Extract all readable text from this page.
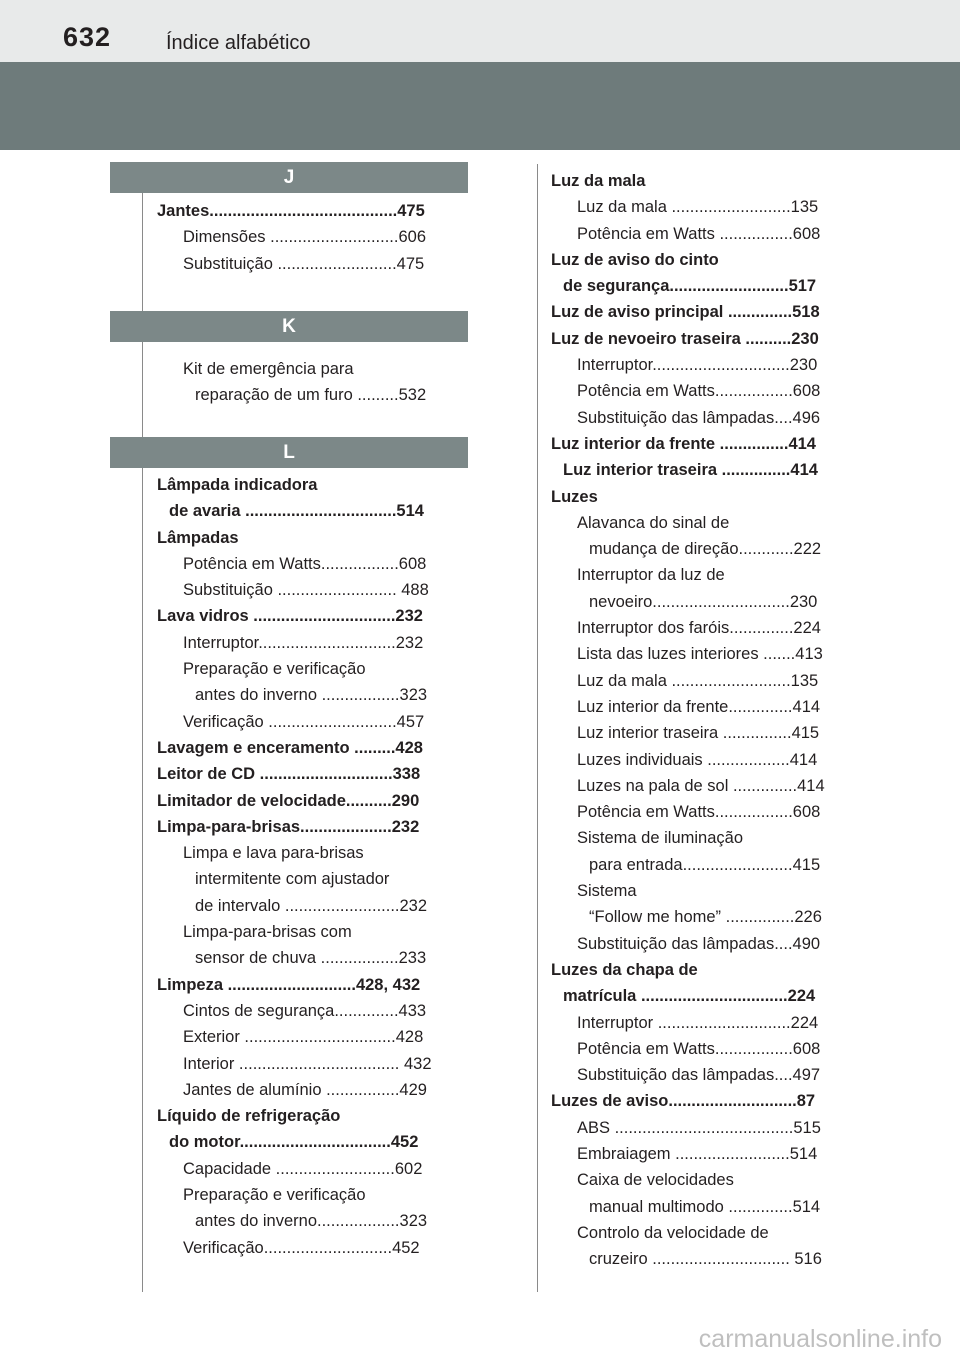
632	Índice alfabético
J
Jantes.........................................475
Dimensões ............................606
Substituição ..........................475
K
Kit de emergência para
reparação de um furo .........532
L
Lâmpada indicadora
de avaria .................................514
Lâmpadas
Potência em Watts.................608
Substituição .......................... 488
Lava vidros ...............................232
Interruptor..............................232
Preparação e verificação
antes do inverno .................323
Verificação ............................457
Lavagem e enceramento .........428
Leitor de CD .............................338
Limitador de velocidade..........290
Limpa-para-brisas....................232
Limpa e lava para-brisas
intermitente com ajustador
de intervalo .........................232
Limpa-para-brisas com
sensor de chuva .................233
Limpeza ............................428, 432
Cintos de segurança..............433
Exterior .................................428
Interior ................................... 432
Jantes de alumínio ................429
Líquido de refrigeração
do motor.................................452
Capacidade ..........................602
Preparação e verificação
antes do inverno..................323
Verificação............................452
Luz da mala
Luz da mala ..........................135
Potência em Watts ................608
Luz de aviso do cinto
de segurança..........................517
Luz de aviso principal ..............518
Luz de nevoeiro traseira ..........230
Interruptor..............................230
Potência em Watts.................608
Substituição das lâmpadas....496
Luz interior da frente ...............414
Luz interior traseira ...............414
Luzes
Alavanca do sinal de
mudança de direção............222
Interruptor da luz de
nevoeiro..............................230
Interruptor dos faróis..............224
Lista das luzes interiores .......413
Luz da mala ..........................135
Luz interior da frente..............414
Luz interior traseira ...............415
Luzes individuais ..................414
Luzes na pala de sol ..............414
Potência em Watts.................608
Sistema de iluminação
para entrada........................415
Sistema
“Follow me home” ...............226
Substituição das lâmpadas....490
Luzes da chapa de
matrícula ................................224
Interruptor .............................224
Potência em Watts.................608
Substituição das lâmpadas....497
Luzes de aviso............................87
ABS .......................................515
Embraiagem .........................514
Caixa de velocidades
manual multimodo ..............514
Controlo da velocidade de
cruzeiro .............................. 516
carmanualsonline.info
